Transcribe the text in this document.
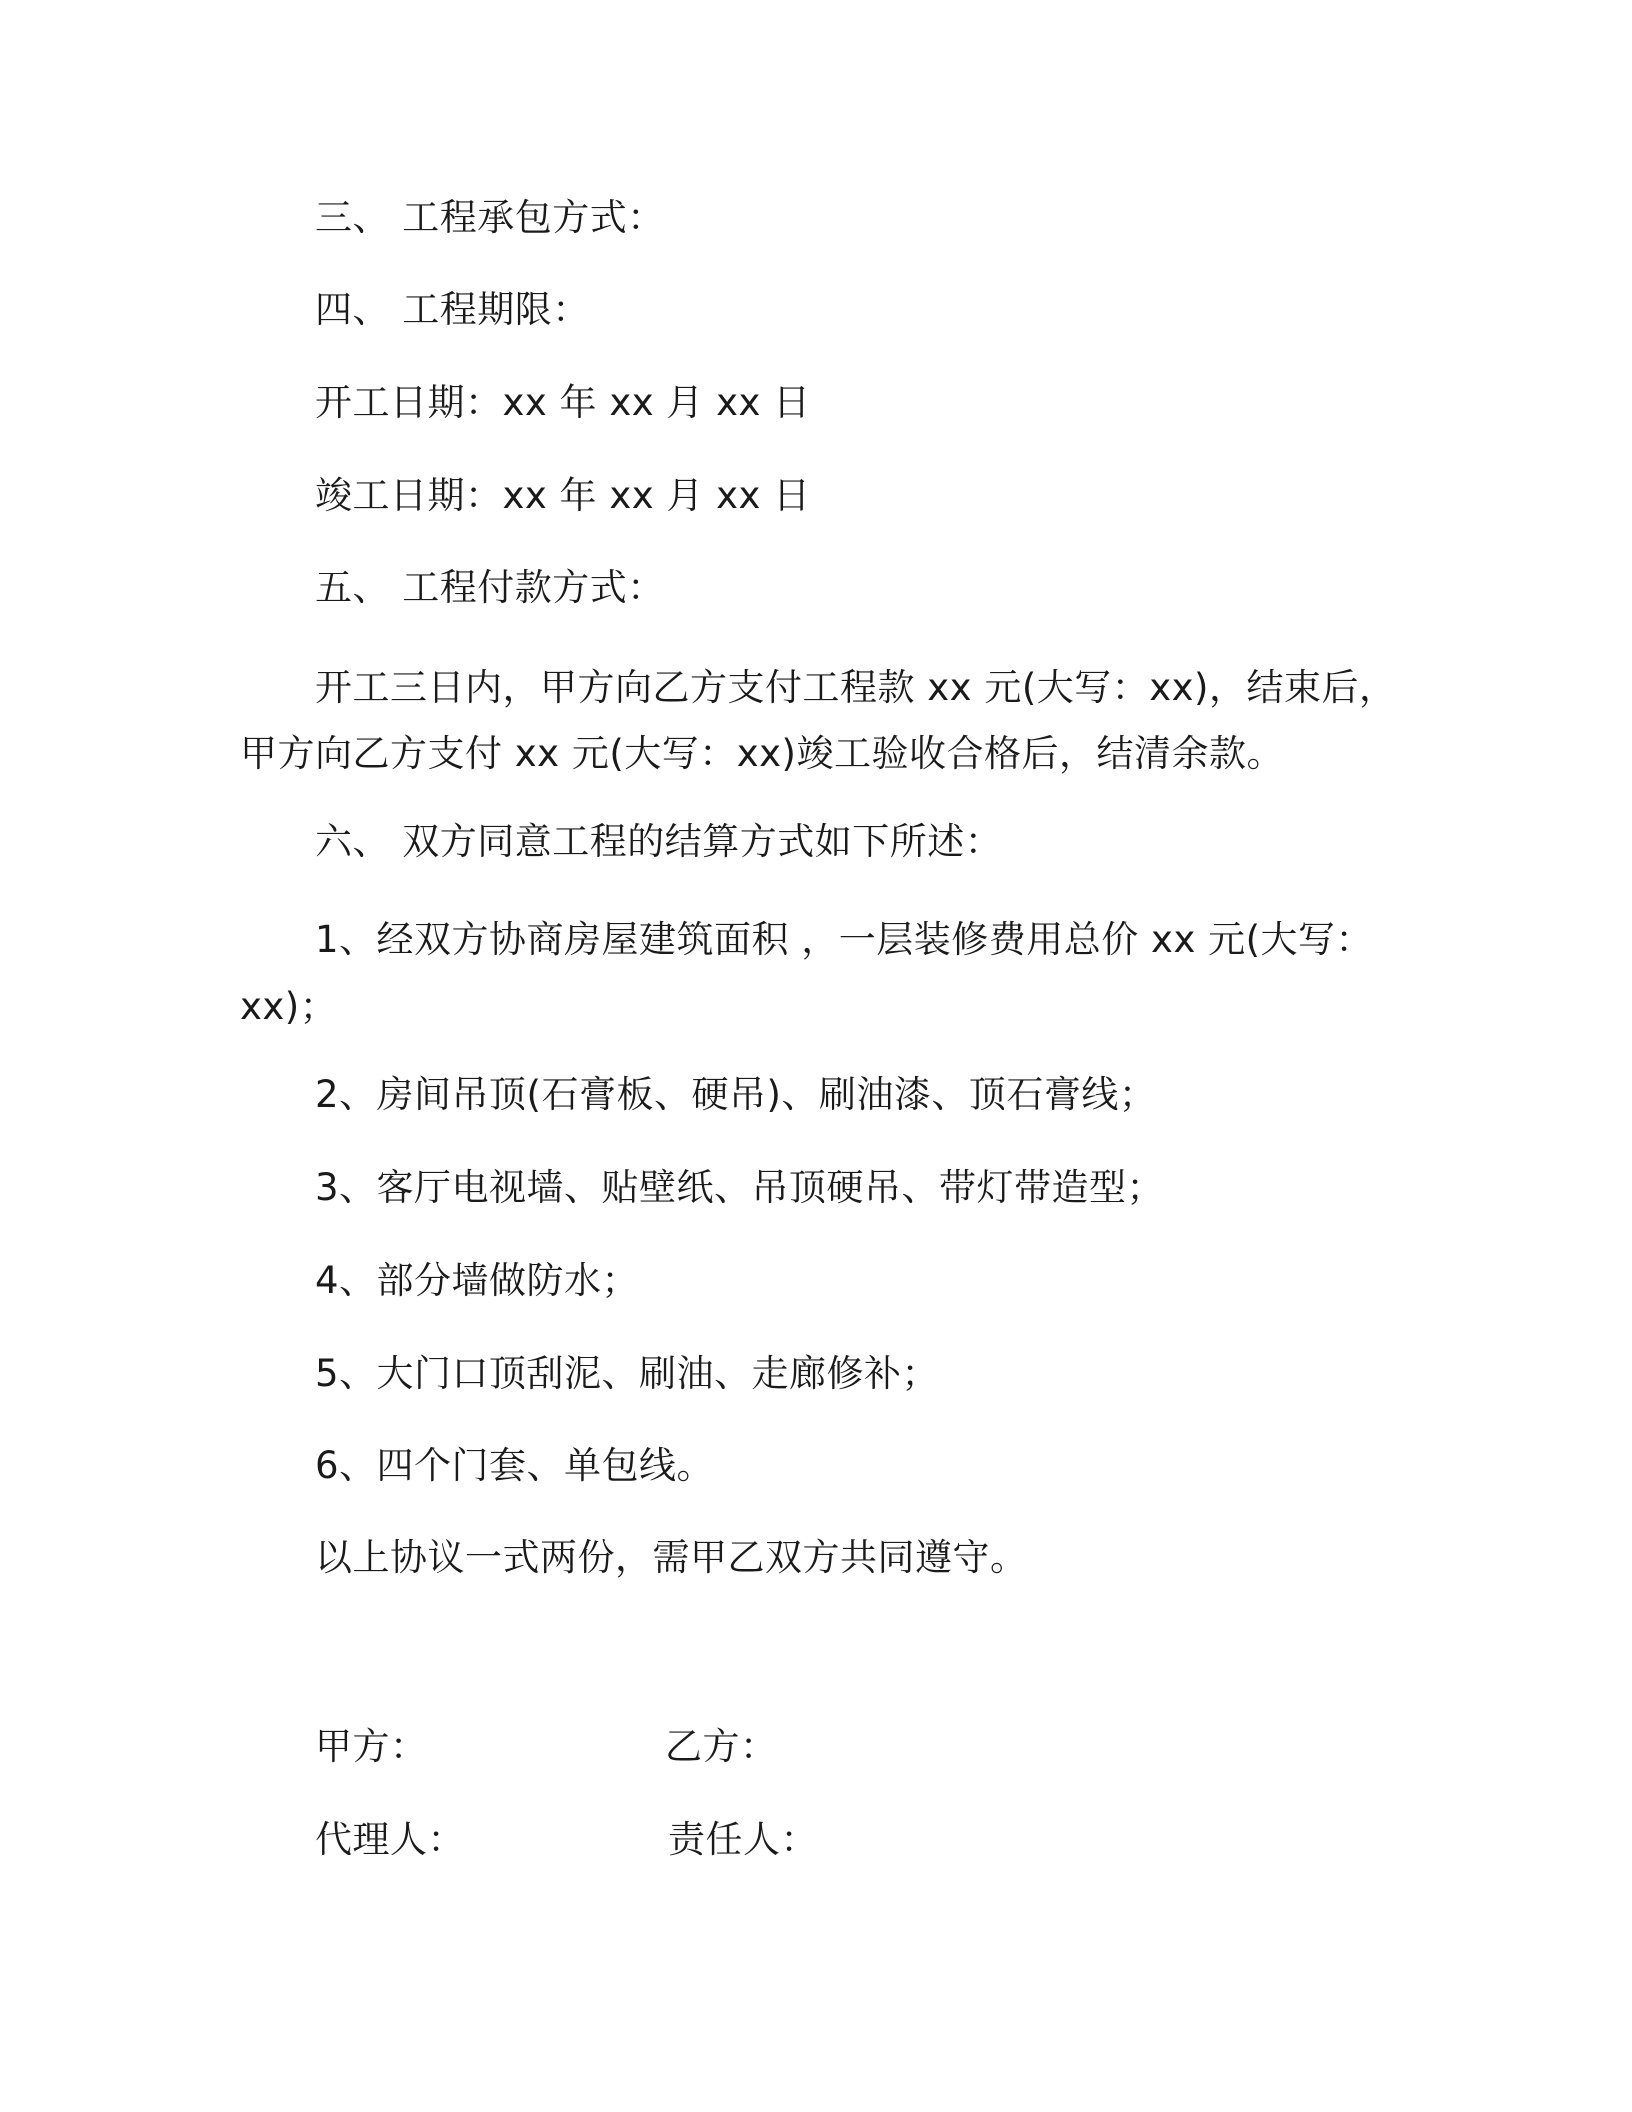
三、 工程承包方式：
四、 工程期限：
开工日期：xx 年 xx 月 xx 日
竣工日期：xx 年 xx 月 xx 日
五、 工程付款方式：
开工三日内，甲方向乙方支付工程款 xx 元(大写：xx)，结束后，
甲方向乙方支付 xx 元(大写：xx)竣工验收合格后，结清余款。
六、 双方同意工程的结算方式如下所述：
1、经双方协商房屋建筑面积 ，一层装修费用总价 xx 元(大写：
xx)；
2、房间吊顶(石膏板、硬吊)、刷油漆、顶石膏线；
3、客厅电视墙、贴壁纸、吊顶硬吊、带灯带造型；
4、部分墙做防水；
5、大门口顶刮泥、刷油、走廊修补；
6、四个门套、单包线。
以上协议一式两份，需甲乙双方共同遵守。
甲方：	乙方：
代理人：	责任人：
